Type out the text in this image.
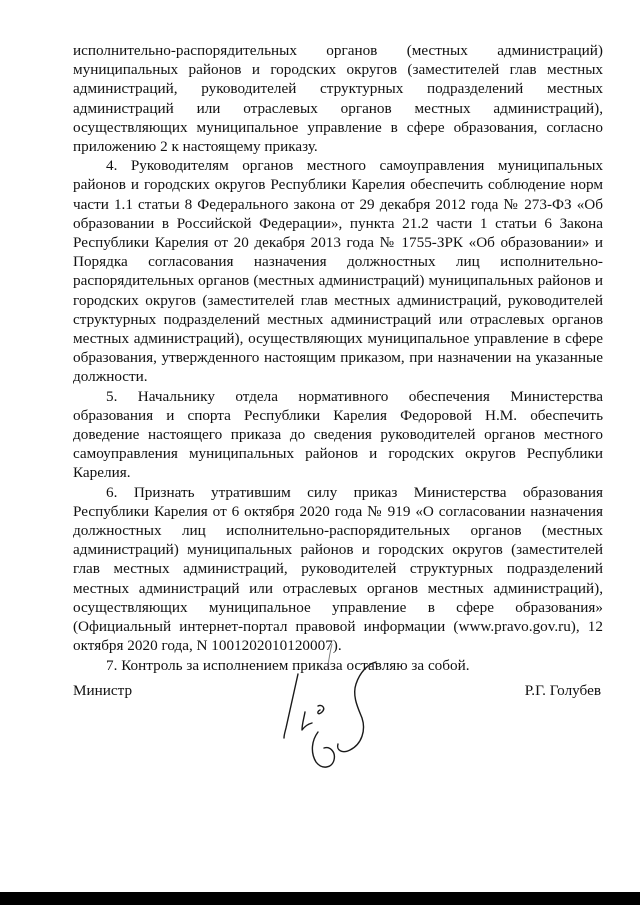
исполнительно-распорядительных органов (местных администраций) муниципальных районов и городских округов (заместителей глав местных администраций, руководителей структурных подразделений местных администраций или отраслевых органов местных администраций), осуществляющих муниципальное управление в сфере образования, согласно приложению 2 к настоящему приказу.

4. Руководителям органов местного самоуправления муниципальных районов и городских округов Республики Карелия обеспечить соблюдение норм части 1.1 статьи 8 Федерального закона от 29 декабря 2012 года № 273-ФЗ «Об образовании в Российской Федерации», пункта 21.2 части 1 статьи 6 Закона Республики Карелия от 20 декабря 2013 года № 1755-ЗРК «Об образовании» и Порядка согласования назначения должностных лиц исполнительно-распорядительных органов (местных администраций) муниципальных районов и городских округов (заместителей глав местных администраций, руководителей структурных подразделений местных администраций или отраслевых органов местных администраций), осуществляющих муниципальное управление в сфере образования, утвержденного настоящим приказом, при назначении на указанные должности.

5. Начальнику отдела нормативного обеспечения Министерства образования и спорта Республики Карелия Федоровой Н.М. обеспечить доведение настоящего приказа до сведения руководителей органов местного самоуправления муниципальных районов и городских округов Республики Карелия.

6. Признать утратившим силу приказ Министерства образования Республики Карелия от 6 октября 2020 года № 919 «О согласовании назначения должностных лиц исполнительно-распорядительных органов (местных администраций) муниципальных районов и городских округов (заместителей глав местных администраций, руководителей структурных подразделений местных администраций или отраслевых органов местных администраций), осуществляющих муниципальное управление в сфере образования» (Официальный интернет-портал правовой информации (www.pravo.gov.ru), 12 октября 2020 года, N 1001202010120007).

7. Контроль за исполнением приказа оставляю за собой.

Министр	Р.Г. Голубев
